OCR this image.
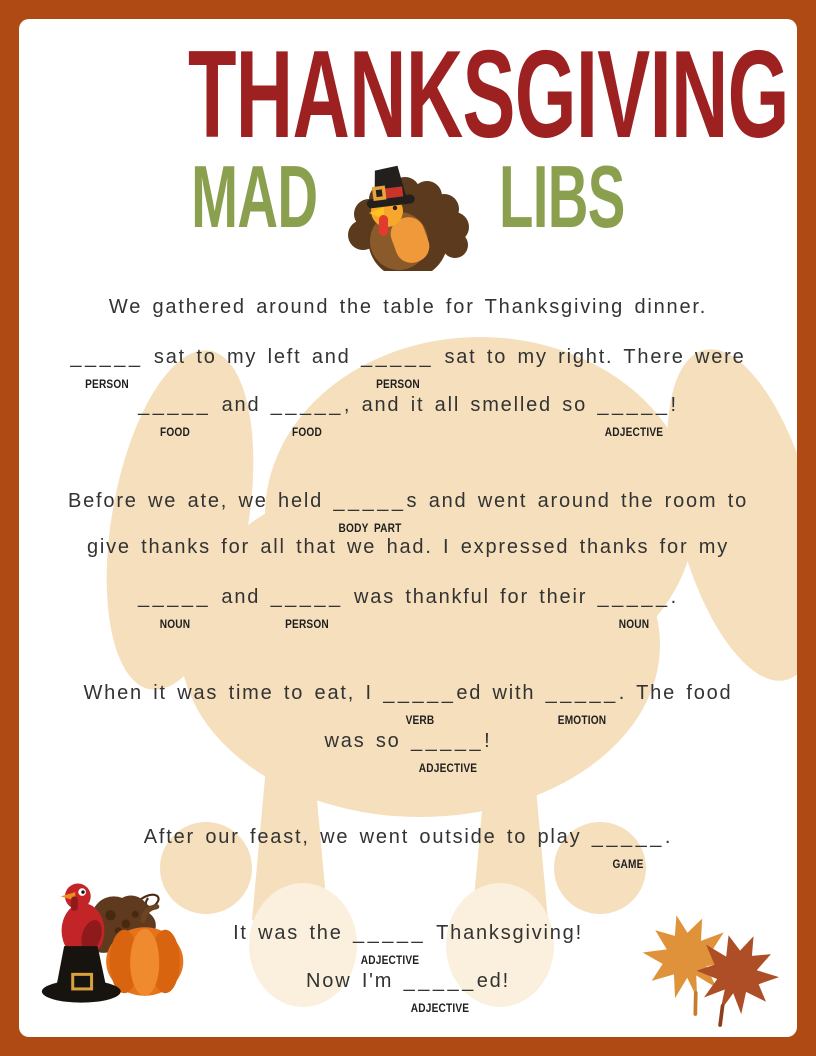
THANKSGIVING
MAD LIBS
We gathered around the table for Thanksgiving dinner.
_____
PERSON
sat to my left and _____
PERSON
sat to my right. There were
_____
FOOD
and _____
FOOD
, and it all smelled so _____
ADJECTIVE
!
Before we ate, we held _____
BODY PART
s and went around the room to
give thanks for all that we had. I expressed thanks for my
_____
NOUN
and _____
PERSON
was thankful for their _____
NOUN
.
When it was time to eat, I _____
VERB
ed with _____
EMOTION
. The food
was so _____
ADJECTIVE
!
After our feast, we went outside to play _____
GAME
.
It was the _____
ADJECTIVE
Thanksgiving!
Now I'm _____
ADJECTIVE
ed!
